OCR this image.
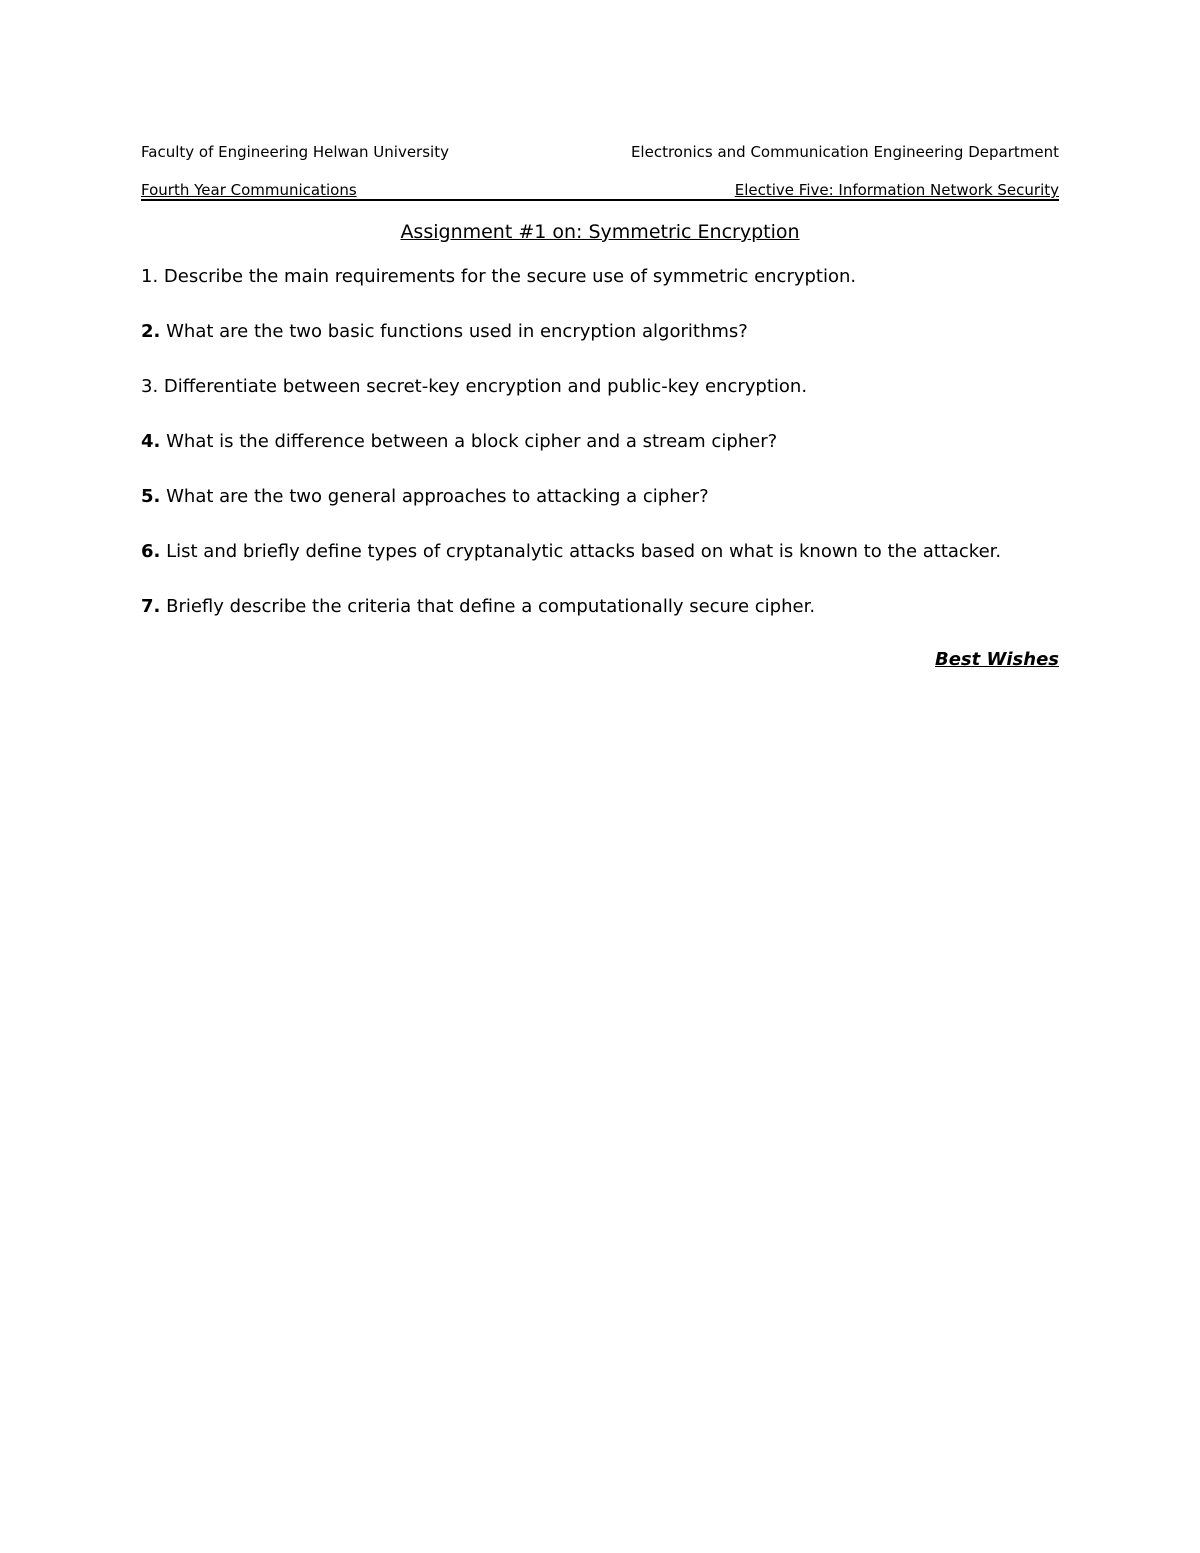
Faculty of Engineering Helwan University	Electronics and Communication Engineering Department
Fourth Year Communications	Elective Five: Information Network Security
Assignment #1 on: Symmetric Encryption
1. Describe the main requirements for the secure use of symmetric encryption.
2. What are the two basic functions used in encryption algorithms?
3. Differentiate between secret-key encryption and public-key encryption.
4. What is the difference between a block cipher and a stream cipher?
5. What are the two general approaches to attacking a cipher?
6. List and briefly define types of cryptanalytic attacks based on what is known to the attacker.
7. Briefly describe the criteria that define a computationally secure cipher.
Best Wishes
